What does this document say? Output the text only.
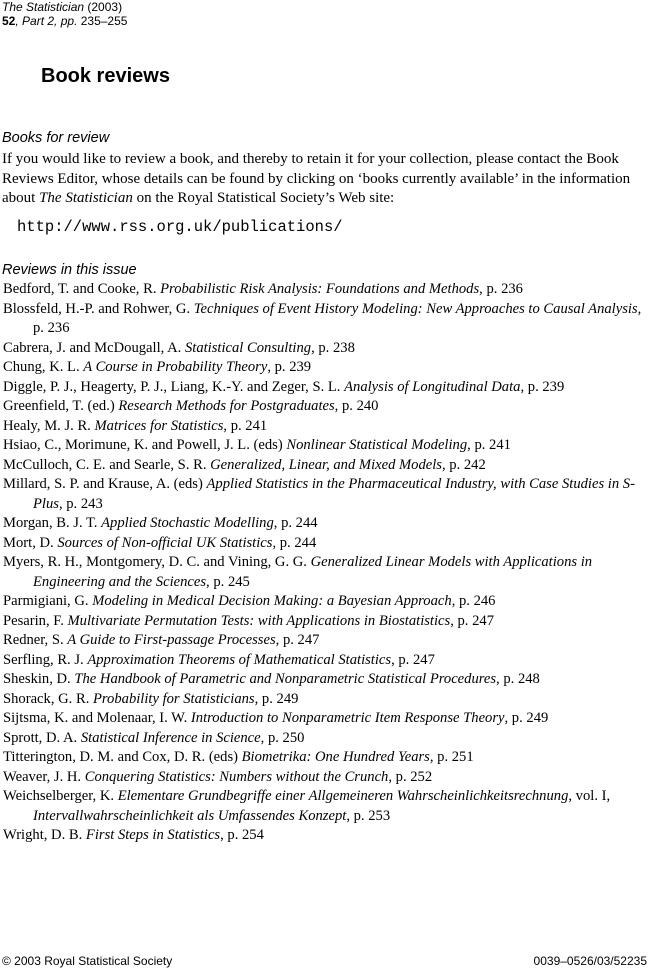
The Statistician (2003)
52, Part 2, pp. 235–255
Book reviews
Books for review
If you would like to review a book, and thereby to retain it for your collection, please contact the Book Reviews Editor, whose details can be found by clicking on ‘books currently available’ in the information about The Statistician on the Royal Statistical Society’s Web site:
http://www.rss.org.uk/publications/
Reviews in this issue
Bedford, T. and Cooke, R. Probabilistic Risk Analysis: Foundations and Methods, p. 236
Blossfeld, H.-P. and Rohwer, G. Techniques of Event History Modeling: New Approaches to Causal Analysis, p. 236
Cabrera, J. and McDougall, A. Statistical Consulting, p. 238
Chung, K. L. A Course in Probability Theory, p. 239
Diggle, P. J., Heagerty, P. J., Liang, K.-Y. and Zeger, S. L. Analysis of Longitudinal Data, p. 239
Greenfield, T. (ed.) Research Methods for Postgraduates, p. 240
Healy, M. J. R. Matrices for Statistics, p. 241
Hsiao, C., Morimune, K. and Powell, J. L. (eds) Nonlinear Statistical Modeling, p. 241
McCulloch, C. E. and Searle, S. R. Generalized, Linear, and Mixed Models, p. 242
Millard, S. P. and Krause, A. (eds) Applied Statistics in the Pharmaceutical Industry, with Case Studies in S-Plus, p. 243
Morgan, B. J. T. Applied Stochastic Modelling, p. 244
Mort, D. Sources of Non-official UK Statistics, p. 244
Myers, R. H., Montgomery, D. C. and Vining, G. G. Generalized Linear Models with Applications in Engineering and the Sciences, p. 245
Parmigiani, G. Modeling in Medical Decision Making: a Bayesian Approach, p. 246
Pesarin, F. Multivariate Permutation Tests: with Applications in Biostatistics, p. 247
Redner, S. A Guide to First-passage Processes, p. 247
Serfling, R. J. Approximation Theorems of Mathematical Statistics, p. 247
Sheskin, D. The Handbook of Parametric and Nonparametric Statistical Procedures, p. 248
Shorack, G. R. Probability for Statisticians, p. 249
Sijtsma, K. and Molenaar, I. W. Introduction to Nonparametric Item Response Theory, p. 249
Sprott, D. A. Statistical Inference in Science, p. 250
Titterington, D. M. and Cox, D. R. (eds) Biometrika: One Hundred Years, p. 251
Weaver, J. H. Conquering Statistics: Numbers without the Crunch, p. 252
Weichselberger, K. Elementare Grundbegriffe einer Allgemeineren Wahrscheinlichkeitsrechnung, vol. I, Intervallwahrscheinlichkeit als Umfassendes Konzept, p. 253
Wright, D. B. First Steps in Statistics, p. 254
© 2003 Royal Statistical Society	0039–0526/03/52235
